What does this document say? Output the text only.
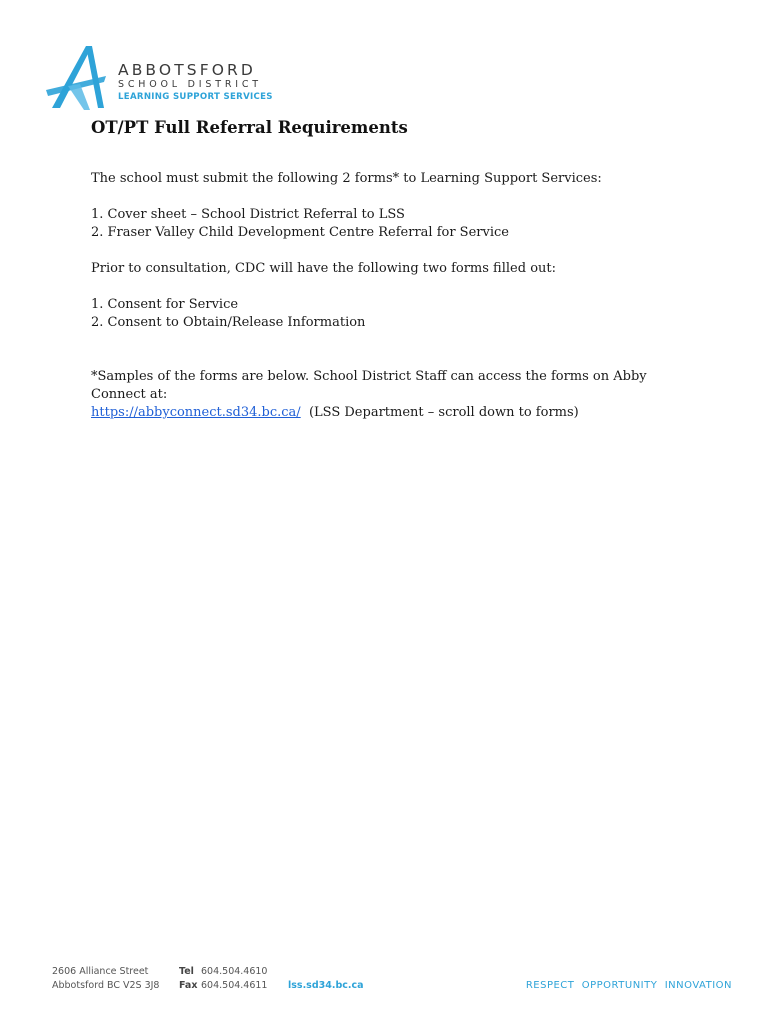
ABBOTSFORD
SCHOOL DISTRICT
LEARNING SUPPORT SERVICES
OT/PT Full Referral Requirements

The school must submit the following 2 forms* to Learning Support Services:

1. Cover sheet – School District Referral to LSS

2. Fraser Valley Child Development Centre Referral for Service

Prior to consultation, CDC will have the following two forms filled out:

1. Consent for Service

2. Consent to Obtain/Release Information

*Samples of the forms are below. School District Staff can access the forms on Abby

Connect at:

https://abbyconnect.sd34.bc.ca/  (LSS Department – scroll down to forms)

2606 Alliance Street
Abbotsford BC V2S 3J8
Tel 604.504.4610
Fax 604.504.4611 lss.sd34.bc.ca	RESPECT  OPPORTUNITY  INNOVATION
